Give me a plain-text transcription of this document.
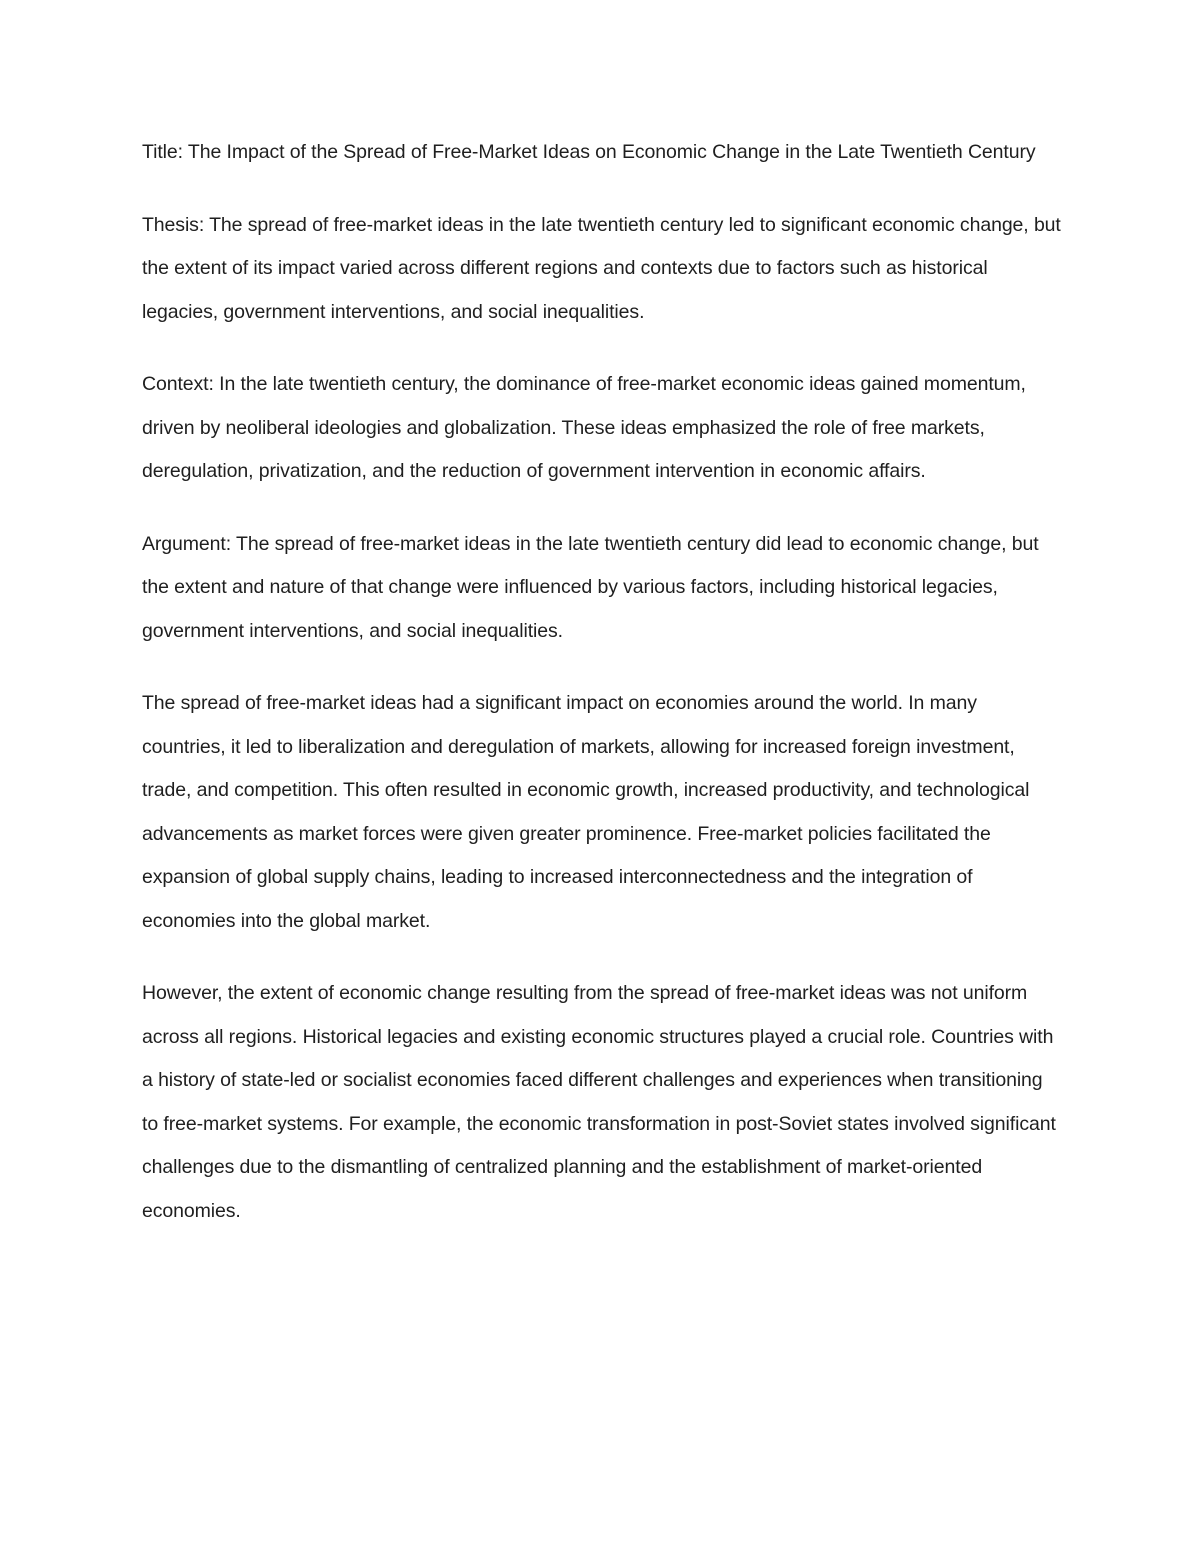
Title: The Impact of the Spread of Free-Market Ideas on Economic Change in the Late Twentieth Century

Thesis: The spread of free-market ideas in the late twentieth century led to significant economic change, but the extent of its impact varied across different regions and contexts due to factors such as historical legacies, government interventions, and social inequalities.

Context: In the late twentieth century, the dominance of free-market economic ideas gained momentum, driven by neoliberal ideologies and globalization. These ideas emphasized the role of free markets, deregulation, privatization, and the reduction of government intervention in economic affairs.

Argument: The spread of free-market ideas in the late twentieth century did lead to economic change, but the extent and nature of that change were influenced by various factors, including historical legacies, government interventions, and social inequalities.

The spread of free-market ideas had a significant impact on economies around the world. In many countries, it led to liberalization and deregulation of markets, allowing for increased foreign investment, trade, and competition. This often resulted in economic growth, increased productivity, and technological advancements as market forces were given greater prominence. Free-market policies facilitated the expansion of global supply chains, leading to increased interconnectedness and the integration of economies into the global market.

However, the extent of economic change resulting from the spread of free-market ideas was not uniform across all regions. Historical legacies and existing economic structures played a crucial role. Countries with a history of state-led or socialist economies faced different challenges and experiences when transitioning to free-market systems. For example, the economic transformation in post-Soviet states involved significant challenges due to the dismantling of centralized planning and the establishment of market-oriented economies.
